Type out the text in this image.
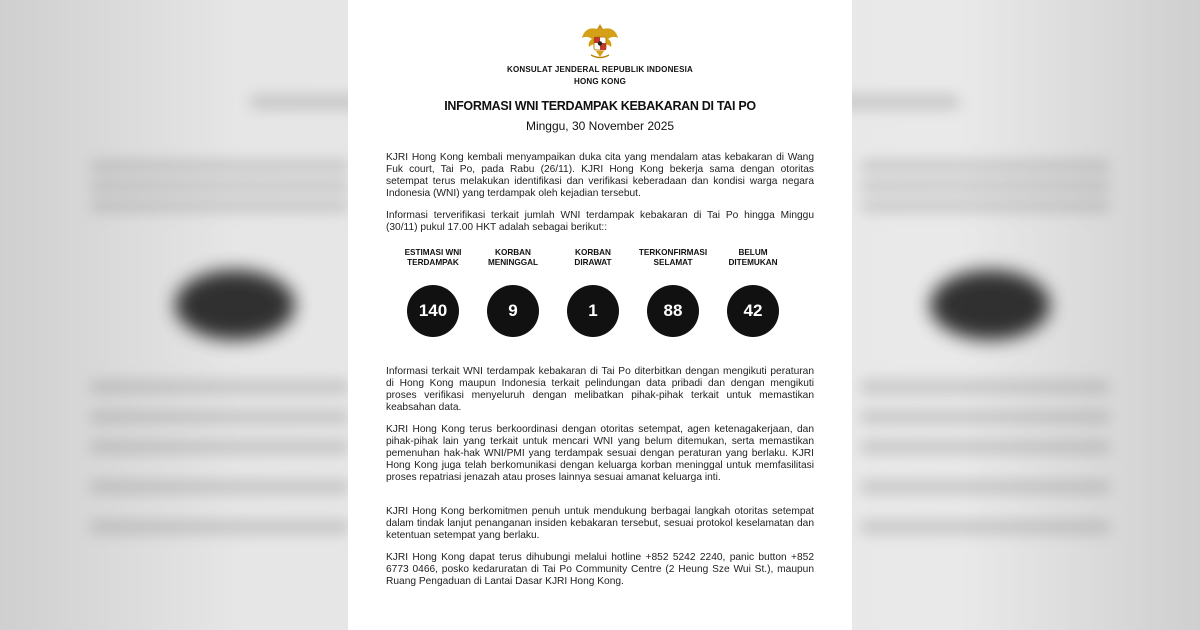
KONSULAT JENDERAL REPUBLIK INDONESIA
HONG KONG
INFORMASI WNI TERDAMPAK KEBAKARAN DI TAI PO
Minggu, 30 November 2025

KJRI Hong Kong kembali menyampaikan duka cita yang mendalam atas kebakaran di Wang Fuk court, Tai Po, pada Rabu (26/11). KJRI Hong Kong bekerja sama dengan otoritas setempat terus melakukan identifikasi dan verifikasi keberadaan dan kondisi warga negara Indonesia (WNI) yang terdampak oleh kejadian tersebut.

Informasi terverifikasi terkait jumlah WNI terdampak kebakaran di Tai Po hingga Minggu (30/11) pukul 17.00 HKT adalah sebagai berikut::

ESTIMASI WNI
TERDAMPAK
140
KORBAN
MENINGGAL
9
KORBAN
DIRAWAT
1
TERKONFIRMASI
SELAMAT
88
BELUM
DITEMUKAN
42

Informasi terkait WNI terdampak kebakaran di Tai Po diterbitkan dengan mengikuti peraturan di Hong Kong maupun Indonesia terkait pelindungan data pribadi dan dengan mengikuti proses verifikasi menyeluruh dengan melibatkan pihak-pihak terkait untuk memastikan keabsahan data.

KJRI Hong Kong terus berkoordinasi dengan otoritas setempat, agen ketenagakerjaan, dan pihak-pihak lain yang terkait untuk mencari WNI yang belum ditemukan, serta memastikan pemenuhan hak-hak WNI/PMI yang terdampak sesuai dengan peraturan yang berlaku. KJRI Hong Kong juga telah berkomunikasi dengan keluarga korban meninggal untuk memfasilitasi proses repatriasi jenazah atau proses lainnya sesuai amanat keluarga inti.

KJRI Hong Kong berkomitmen penuh untuk mendukung berbagai langkah otoritas setempat dalam tindak lanjut penanganan insiden kebakaran tersebut, sesuai protokol keselamatan dan ketentuan setempat yang berlaku.

KJRI Hong Kong dapat terus dihubungi melalui hotline +852 5242 2240, panic button +852 6773 0466, posko kedaruratan di Tai Po Community Centre (2 Heung Sze Wui St.), maupun Ruang Pengaduan di Lantai Dasar KJRI Hong Kong.
